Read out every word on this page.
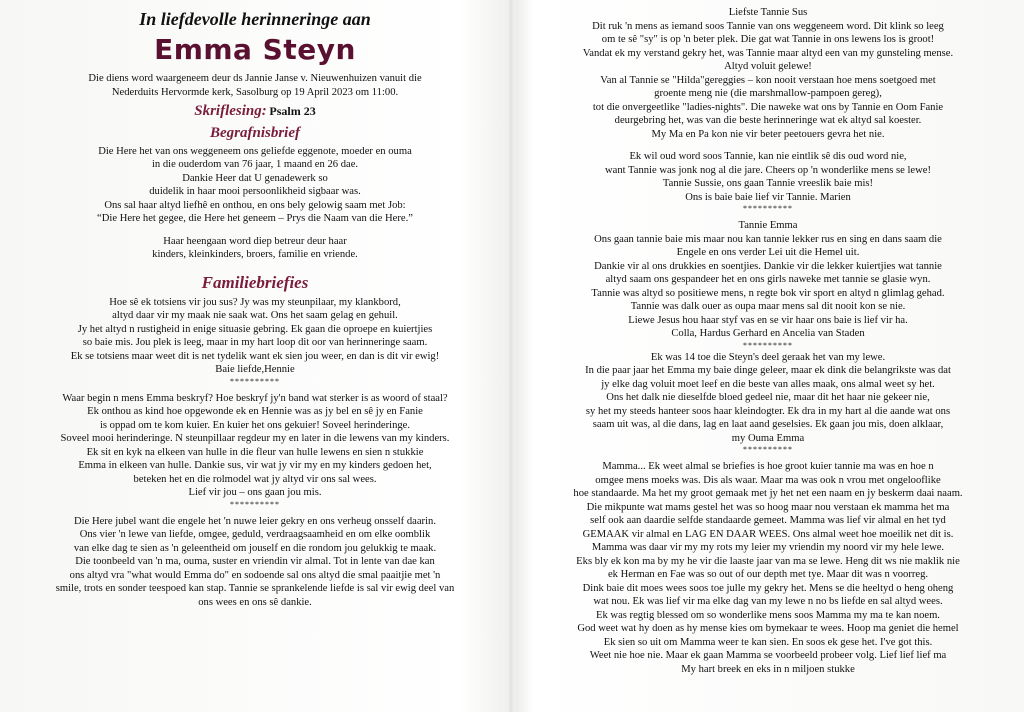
In liefdevolle herinneringe aan

Emma Steyn

Die diens word waargeneem deur ds Jannie Janse v. Nieuwenhuizen vanuit die

Nederduits Hervormde kerk, Sasolburg op 19 April 2023 om 11:00.

Skriflesing: Psalm 23

Begrafnisbrief

Die Here het van ons weggeneem ons geliefde eggenote, moeder en ouma

in die ouderdom van 76 jaar, 1 maand en 26 dae.

Dankie Heer dat U genadewerk so

duidelik in haar mooi persoonlikheid sigbaar was.

Ons sal haar altyd liefhê en onthou, en ons bely gelowig saam met Job:

“Die Here het gegee, die Here het geneem – Prys die Naam van die Here.”

Haar heengaan word diep betreur deur haar

kinders, kleinkinders, broers, familie en vriende.

Familiebriefies

Hoe sê ek totsiens vir jou sus? Jy was my steunpilaar, my klankbord,

altyd daar vir my maak nie saak wat. Ons het saam gelag en gehuil.

Jy het altyd n rustigheid in enige situasie gebring. Ek gaan die oproepe en kuiertjies

so baie mis. Jou plek is leeg, maar in my hart loop dit oor van herinneringe saam.

Ek se totsiens maar weet dit is net tydelik want ek sien jou weer, en dan is dit vir ewig!

Baie liefde,Hennie

**********

Waar begin n mens Emma beskryf? Hoe beskryf jy'n band wat sterker is as woord of staal?

Ek onthou as kind hoe opgewonde ek en Hennie was as jy bel en sê jy en Fanie

is oppad om te kom kuier. En kuier het ons gekuier! Soveel herinderinge.

Soveel mooi herinderinge. N steunpillaar regdeur my en later in die lewens van my kinders.

Ek sit en kyk na elkeen van hulle in die fleur van hulle lewens en sien n stukkie

Emma in elkeen van hulle. Dankie sus, vir wat jy vir my en my kinders gedoen het,

beteken het en die rolmodel wat jy altyd vir ons sal wees.

Lief vir jou – ons gaan jou mis.

**********

Die Here jubel want die engele het 'n nuwe leier gekry en ons verheug onsself daarin.

Ons vier 'n lewe van liefde, omgee, geduld, verdraagsaamheid en om elke oomblik

van elke dag te sien as 'n geleentheid om jouself en die rondom jou gelukkig te maak.

Die toonbeeld van 'n ma, ouma, suster en vriendin vir almal. Tot in lente van dae kan

ons altyd vra "what would Emma do" en sodoende sal ons altyd die smal paaitjie met 'n

smile, trots en sonder teespoed kan stap. Tannie se sprankelende liefde is sal vir ewig deel van

ons wees en ons sê dankie.

Liefste Tannie Sus

Dit ruk 'n mens as iemand soos Tannie van ons weggeneem word. Dit klink so leeg

om te sê "sy" is op 'n beter plek. Die gat wat Tannie in ons lewens los is groot!

Vandat ek my verstand gekry het, was Tannie maar altyd een van my gunsteling mense.

Altyd voluit gelewe!

Van al Tannie se "Hilda"gereggies – kon nooit verstaan hoe mens soetgoed met

groente meng nie (die marshmallow-pampoen gereg),

tot die onvergeetlike "ladies-nights". Die naweke wat ons by Tannie en Oom Fanie

deurgebring het, was van die beste herinneringe wat ek altyd sal koester.

My Ma en Pa kon nie vir beter peetouers gevra het nie.

Ek wil oud word soos Tannie, kan nie eintlik sê dis oud word nie,

want Tannie was jonk nog al die jare. Cheers op 'n wonderlike mens se lewe!

Tannie Sussie, ons gaan Tannie vreeslik baie mis!

Ons is baie baie lief vir Tannie. Marien

**********

Tannie Emma

Ons gaan tannie baie mis maar nou kan tannie lekker rus en sing en dans saam die

Engele en ons verder Lei uit die Hemel uit.

Dankie vir al ons drukkies en soentjies. Dankie vir die lekker kuiertjies wat tannie

altyd saam ons gespandeer het en ons girls naweke met tannie se glasie wyn.

Tannie was altyd so positiewe mens, n regte bok vir sport en altyd n glimlag gehad.

Tannie was dalk ouer as oupa maar mens sal dit nooit kon se nie.

Liewe Jesus hou haar styf vas en se vir haar ons baie is lief vir ha.

Colla, Hardus Gerhard en Ancelia van Staden

**********

Ek was 14 toe die Steyn's deel geraak het van my lewe.

In die paar jaar het Emma my baie dinge geleer, maar ek dink die belangrikste was dat

jy elke dag voluit moet leef en die beste van alles maak, ons almal weet sy het.

Ons het dalk nie dieselfde bloed gedeel nie, maar dit het haar nie gekeer nie,

sy het my steeds hanteer soos haar kleindogter. Ek dra in my hart al die aande wat ons

saam uit was, al die dans, lag en laat aand geselsies. Ek gaan jou mis, doen alklaar,

my Ouma Emma

**********

Mamma... Ek weet almal se briefies is hoe groot kuier tannie ma was en hoe n

omgee mens moeks was. Dis als waar. Maar ma was ook n vrou met ongelooflike

hoe standaarde. Ma het my groot gemaak met jy het net een naam en jy beskerm daai naam.

Die mikpunte wat mams gestel het was so hoog maar nou verstaan ek mamma het ma

self ook aan daardie selfde standaarde gemeet. Mamma was lief vir almal en het tyd

GEMAAK vir almal en LAG EN DAAR WEES. Ons almal weet hoe moeilik net dit is.

Mamma was daar vir my my rots my leier my vriendin my noord vir my hele lewe.

Eks bly ek kon ma by my he vir die laaste jaar van ma se lewe. Heng dit ws nie maklik nie

ek Herman en Fae was so out of our depth met tye. Maar dit was n voorreg.

Dink baie dit moes wees soos toe julle my gekry het. Mens se die heeltyd o heng oheng

wat nou. Ek was lief vir ma elke dag van my lewe n no bs liefde en sal altyd wees.

Ek was regtig blessed om so wonderlike mens soos Mamma my ma te kan noem.

God weet wat hy doen as hy mense kies om bymekaar te wees. Hoop ma geniet die hemel

Ek sien so uit om Mamma weer te kan sien. En soos ek gese het. I've got this.

Weet nie hoe nie. Maar ek gaan Mamma se voorbeeld probeer volg. Lief lief lief ma

My hart breek en eks in n miljoen stukke
